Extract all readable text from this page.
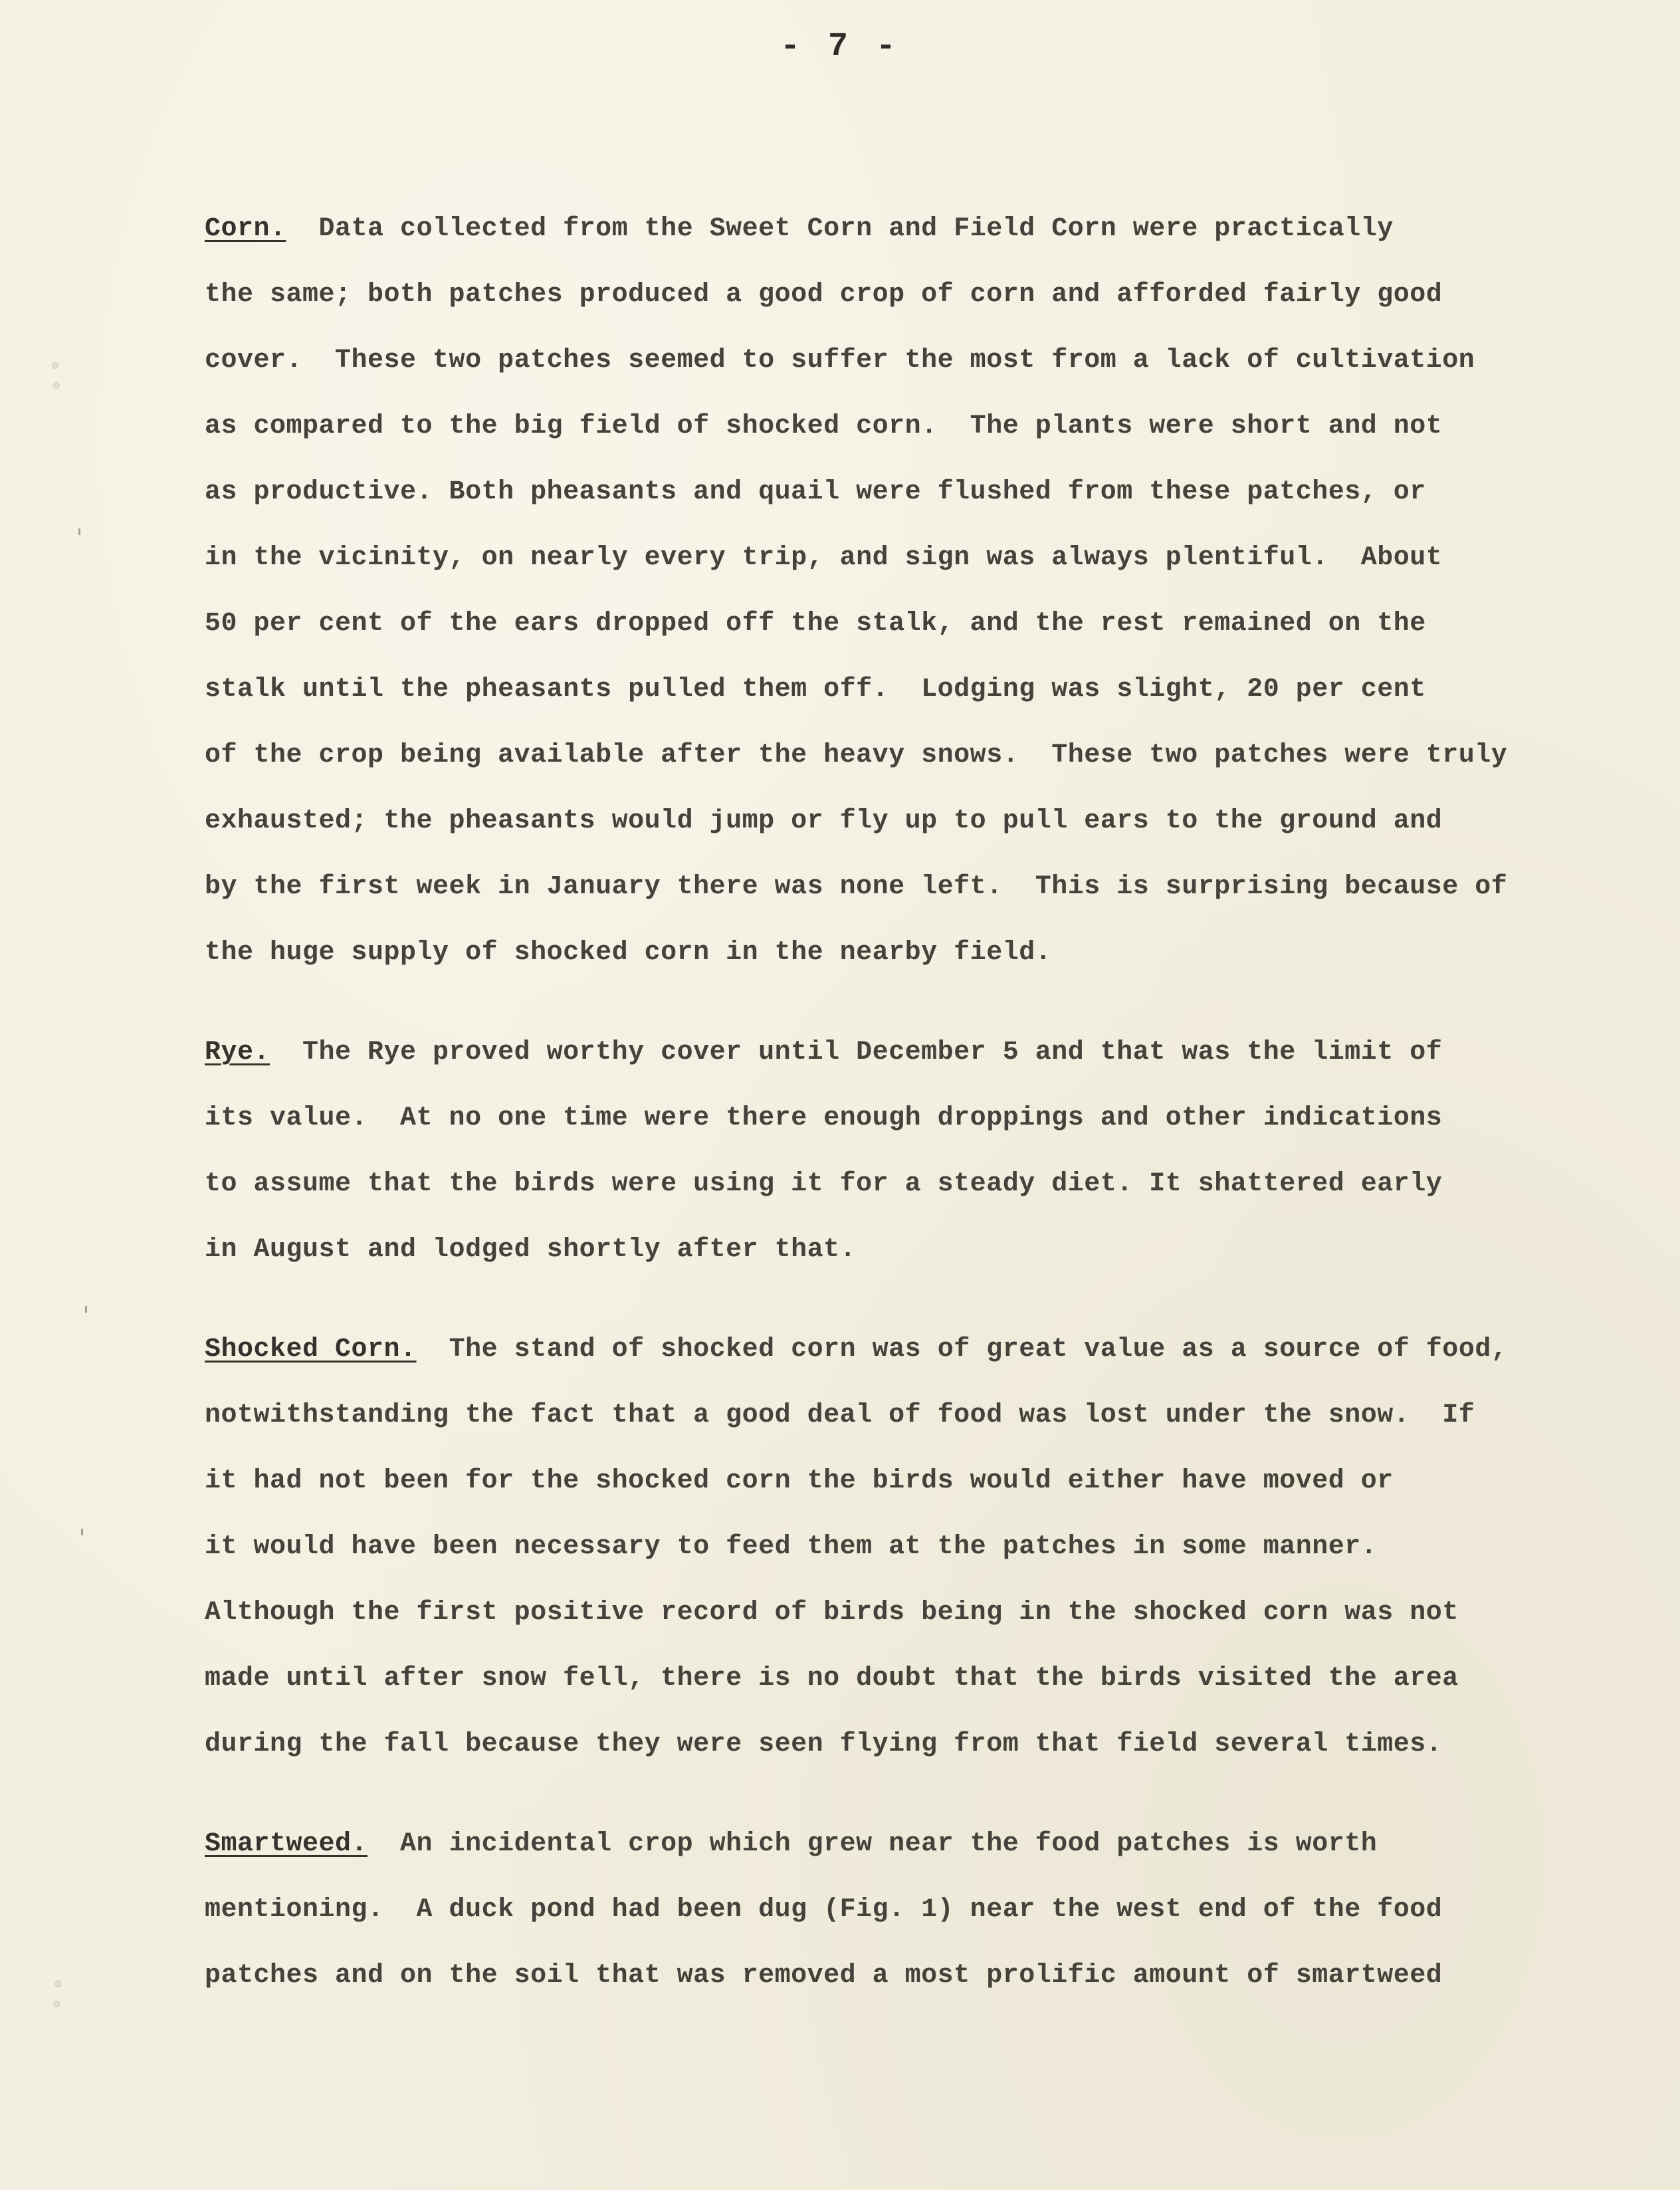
- 7 -
Corn.  Data collected from the Sweet Corn and Field Corn were practically
the same; both patches produced a good crop of corn and afforded fairly good
cover.  These two patches seemed to suffer the most from a lack of cultivation
as compared to the big field of shocked corn.  The plants were short and not
as productive. Both pheasants and quail were flushed from these patches, or
in the vicinity, on nearly every trip, and sign was always plentiful.  About
50 per cent of the ears dropped off the stalk, and the rest remained on the
stalk until the pheasants pulled them off.  Lodging was slight, 20 per cent
of the crop being available after the heavy snows.  These two patches were truly
exhausted; the pheasants would jump or fly up to pull ears to the ground and
by the first week in January there was none left.  This is surprising because of
the huge supply of shocked corn in the nearby field.
Rye.  The Rye proved worthy cover until December 5 and that was the limit of
its value.  At no one time were there enough droppings and other indications
to assume that the birds were using it for a steady diet. It shattered early
in August and lodged shortly after that.
Shocked Corn.  The stand of shocked corn was of great value as a source of food,
notwithstanding the fact that a good deal of food was lost under the snow.  If
it had not been for the shocked corn the birds would either have moved or
it would have been necessary to feed them at the patches in some manner.
Although the first positive record of birds being in the shocked corn was not
made until after snow fell, there is no doubt that the birds visited the area
during the fall because they were seen flying from that field several times.
Smartweed.  An incidental crop which grew near the food patches is worth
mentioning.  A duck pond had been dug (Fig. 1) near the west end of the food
patches and on the soil that was removed a most prolific amount of smartweed
